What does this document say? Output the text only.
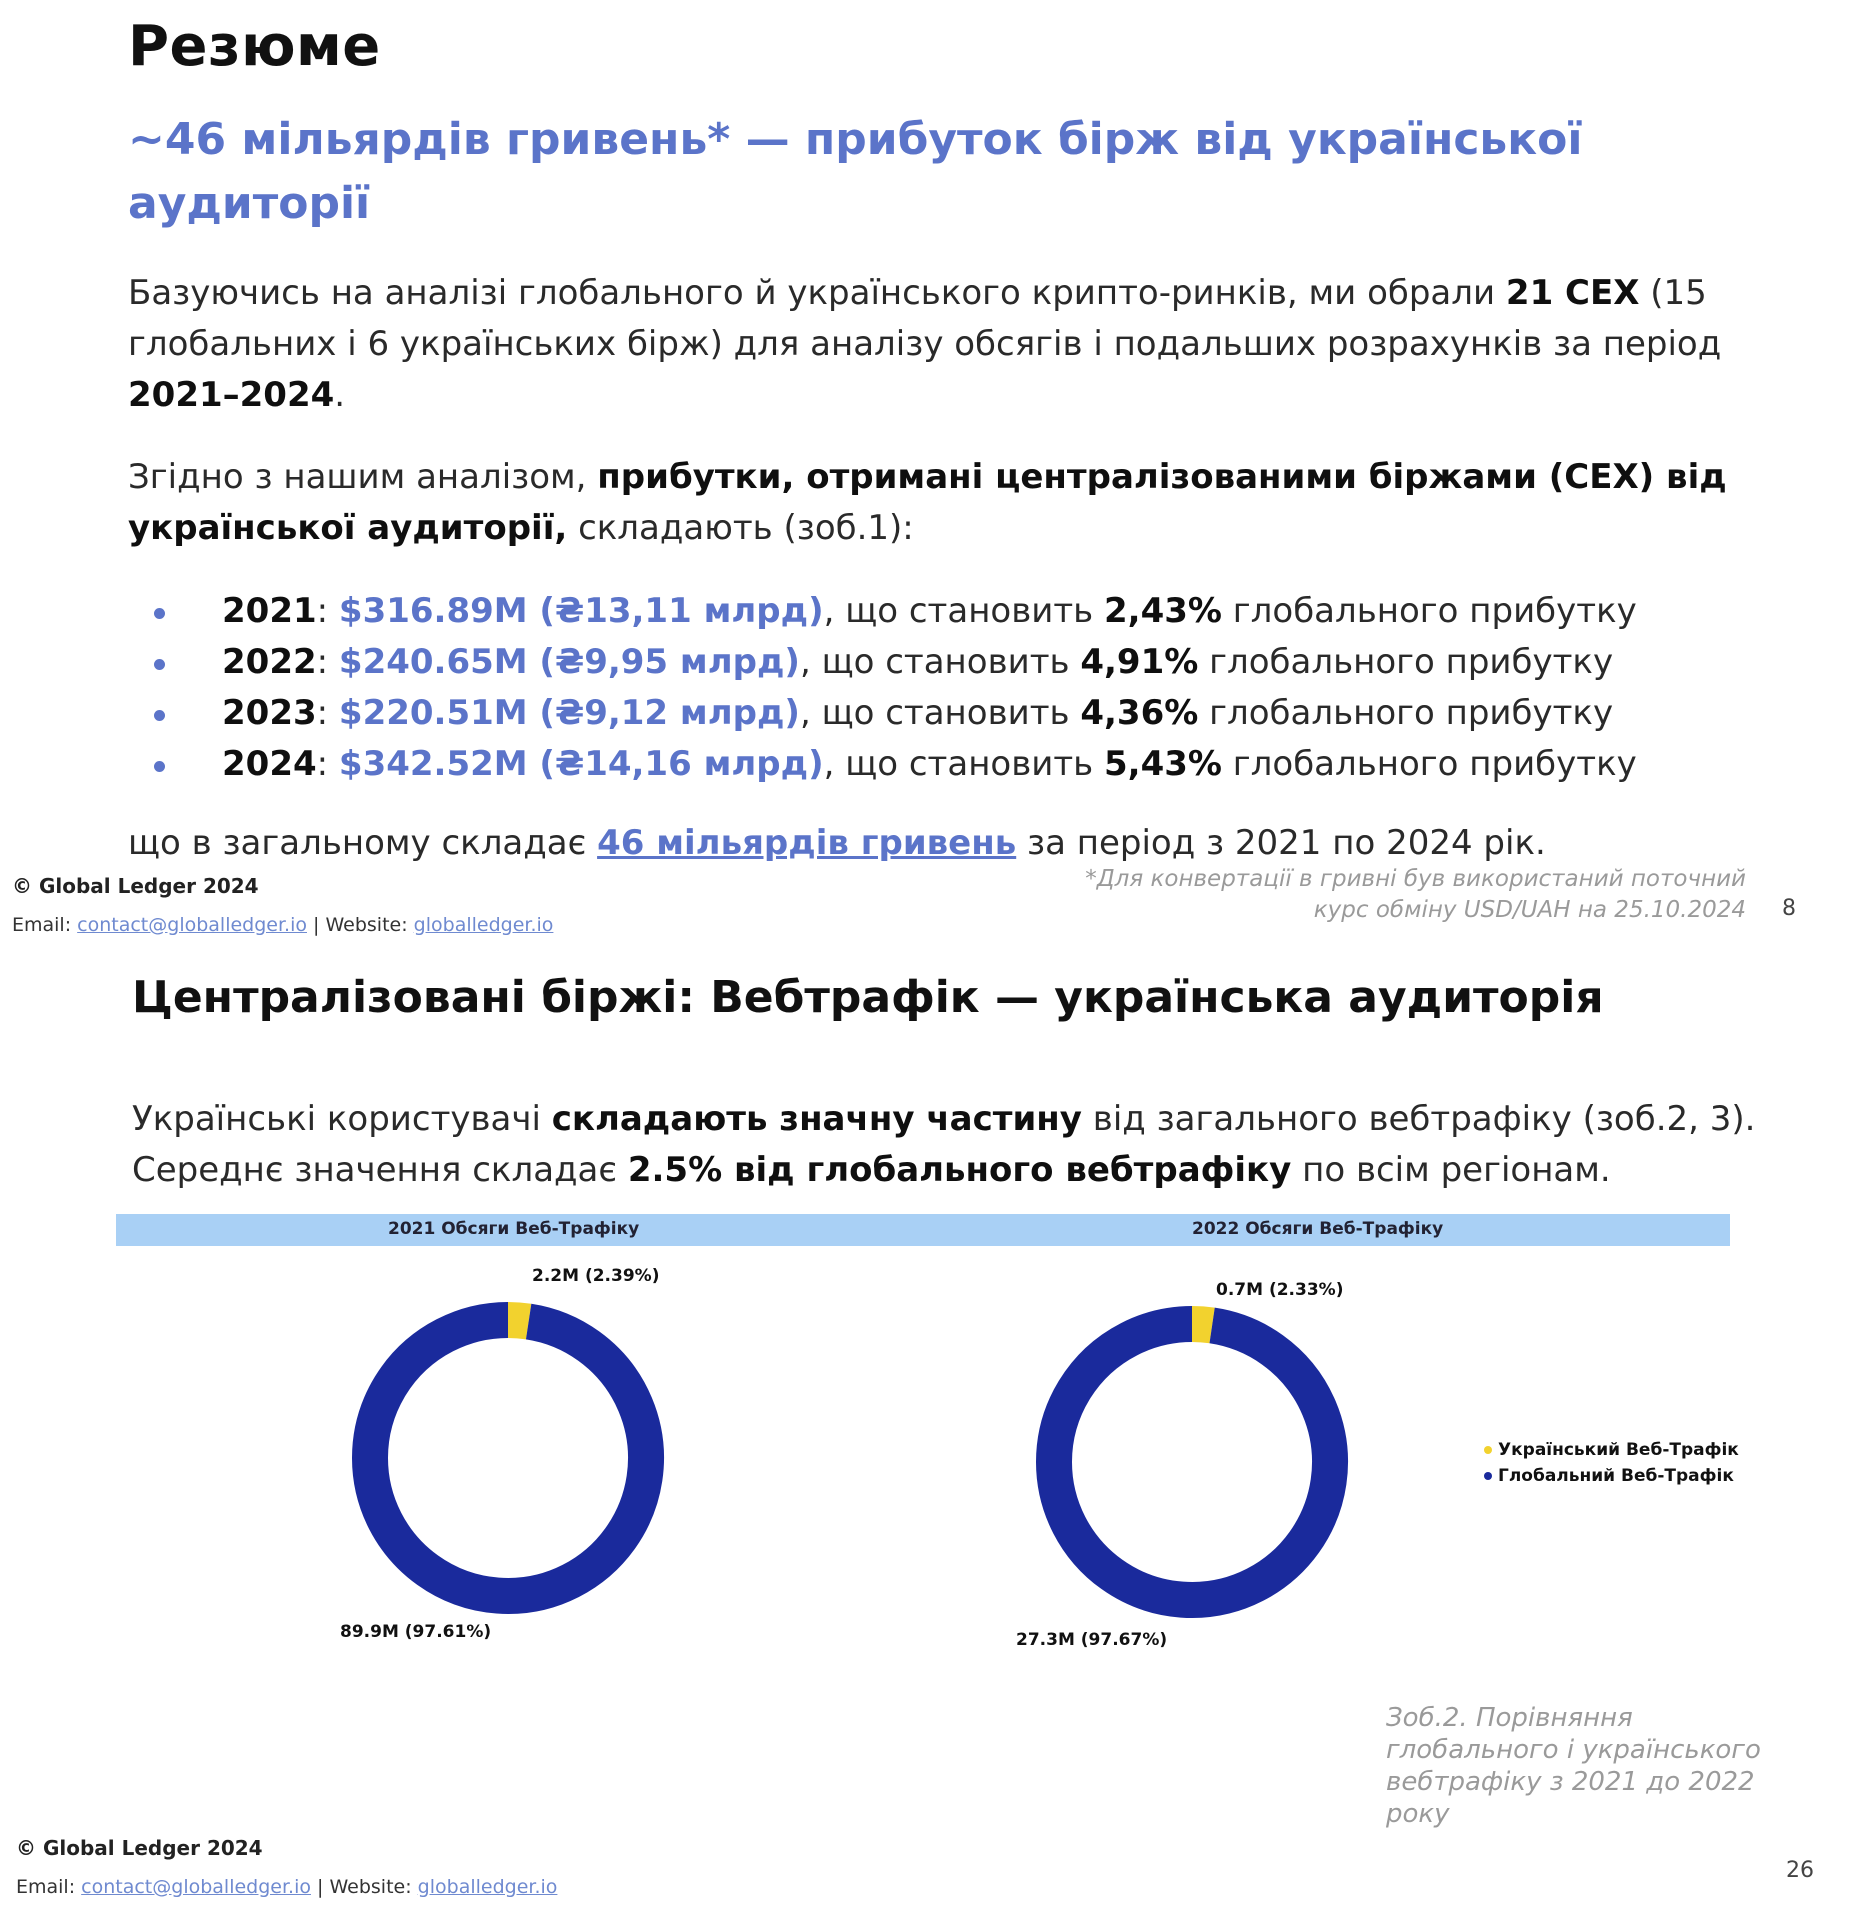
Резюме
~46 мільярдів гривень* — прибуток бірж від української аудиторії
Базуючись на аналізі глобального й українського крипто-ринків, ми обрали 21 CEX (15 глобальних і 6 українських бірж) для аналізу обсягів і подальших розрахунків за період 2021–2024.
Згідно з нашим аналізом, прибутки, отримані централізованими біржами (CEX) від української аудиторії, складають (зоб.1):
2021: $316.89M (₴13,11 млрд), що становить 2,43% глобального прибутку
2022: $240.65M (₴9,95 млрд), що становить 4,91% глобального прибутку
2023: $220.51M (₴9,12 млрд), що становить 4,36% глобального прибутку
2024: $342.52M (₴14,16 млрд), що становить 5,43% глобального прибутку
що в загальному складає 46 мільярдів гривень за період з 2021 по 2024 рік.
© Global Ledger 2024
Email: contact@globalledger.io | Website: globalledger.io
*Для конвертації в гривні був використаний поточний
курс обміну USD/UAH на 25.10.2024 8
Централізовані біржі: Вебтрафік — українська аудиторія
Українські користувачі складають значну частину від загального вебтрафіку (зоб.2, 3). Середнє значення складає 2.5% від глобального вебтрафіку по всім регіонам.
2021 Обсяги Веб-Трафіку	2022 Обсяги Веб-Трафіку
2.2M (2.39%)
89.9M (97.61%)
0.7M (2.33%)
27.3M (97.67%)
Український Веб-Трафік
Глобальний Веб-Трафік
Зоб.2. Порівняння глобального і українського вебтрафіку з 2021 до 2022 року
© Global Ledger 2024
Email: contact@globalledger.io | Website: globalledger.io
26
